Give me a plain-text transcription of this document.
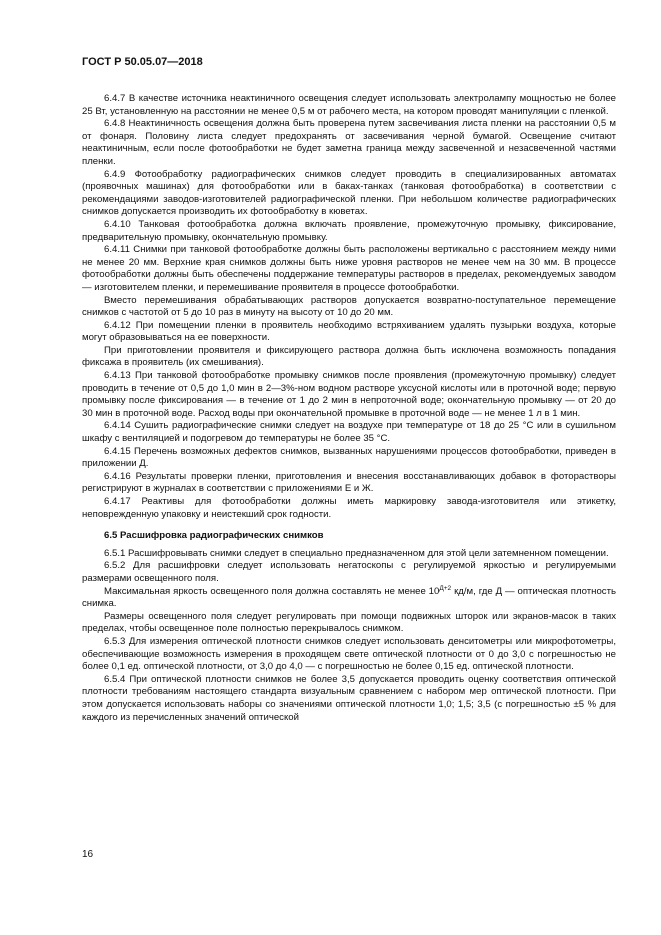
ГОСТ Р 50.05.07—2018

6.4.7 В качестве источника неактиничного освещения следует использовать электролампу мощностью не более 25 Вт, установленную на расстоянии не менее 0,5 м от рабочего места, на котором проводят манипуляции с пленкой.

6.4.8 Неактиничность освещения должна быть проверена путем засвечивания листа пленки на расстоянии 0,5 м от фонаря. Половину листа следует предохранять от засвечивания черной бумагой. Освещение считают неактиничным, если после фотообработки не будет заметна граница между засвеченной и незасвеченной частями пленки.

6.4.9 Фотообработку радиографических снимков следует проводить в специализированных автоматах (проявочных машинах) для фотообработки или в баках-танках (танковая фотообработка) в соответствии с рекомендациями заводов-изготовителей радиографической пленки. При небольшом количестве радиографических снимков допускается производить их фотообработку в кюветах.

6.4.10 Танковая фотообработка должна включать проявление, промежуточную промывку, фиксирование, предварительную промывку, окончательную промывку.

6.4.11 Снимки при танковой фотообработке должны быть расположены вертикально с расстоянием между ними не менее 20 мм. Верхние края снимков должны быть ниже уровня растворов не менее чем на 30 мм. В процессе фотообработки должны быть обеспечены поддержание температуры растворов в пределах, рекомендуемых заводом — изготовителем пленки, и перемешивание проявителя в процессе фотообработки.

Вместо перемешивания обрабатывающих растворов допускается возвратно-поступательное перемещение снимков с частотой от 5 до 10 раз в минуту на высоту от 10 до 20 мм.

6.4.12 При помещении пленки в проявитель необходимо встряхиванием удалять пузырьки воздуха, которые могут образовываться на ее поверхности.

При приготовлении проявителя и фиксирующего раствора должна быть исключена возможность попадания фиксажа в проявитель (их смешивания).

6.4.13 При танковой фотообработке промывку снимков после проявления (промежуточную промывку) следует проводить в течение от 0,5 до 1,0 мин в 2—3%-ном водном растворе уксусной кислоты или в проточной воде; первую промывку после фиксирования — в течение от 1 до 2 мин в непроточной воде; окончательную промывку — от 20 до 30 мин в проточной воде. Расход воды при окончательной промывке в проточной воде — не менее 1 л в 1 мин.

6.4.14 Сушить радиографические снимки следует на воздухе при температуре от 18 до 25 °С или в сушильном шкафу с вентиляцией и подогревом до температуры не более 35 °С.

6.4.15 Перечень возможных дефектов снимков, вызванных нарушениями процессов фотообработки, приведен в приложении Д.

6.4.16 Результаты проверки пленки, приготовления и внесения восстанавливающих добавок в фоторастворы регистрируют в журналах в соответствии с приложениями Е и Ж.

6.4.17 Реактивы для фотообработки должны иметь маркировку завода-изготовителя или этикетку, неповрежденную упаковку и неистекший срок годности.

6.5 Расшифровка радиографических снимков

6.5.1 Расшифровывать снимки следует в специально предназначенном для этой цели затемненном помещении.

6.5.2 Для расшифровки следует использовать негатоскопы с регулируемой яркостью и регулируемыми размерами освещенного поля.

Максимальная яркость освещенного поля должна составлять не менее $10^{Д+2}$ кд/м, где Д — оптическая плотность снимка.

Размеры освещенного поля следует регулировать при помощи подвижных шторок или экранов-масок в таких пределах, чтобы освещенное поле полностью перекрывалось снимком.

6.5.3 Для измерения оптической плотности снимков следует использовать денситометры или микрофотометры, обеспечивающие возможность измерения в проходящем свете оптической плотности от 0 до 3,0 с погрешностью не более 0,1 ед. оптической плотности, от 3,0 до 4,0 — с погрешностью не более 0,15 ед. оптической плотности.

6.5.4 При оптической плотности снимков не более 3,5 допускается проводить оценку соответствия оптической плотности требованиям настоящего стандарта визуальным сравнением с набором мер оптической плотности. При этом допускается использовать наборы со значениями оптической плотности 1,0; 1,5; 3,5 (с погрешностью ±5 % для каждого из перечисленных значений оптической

16
